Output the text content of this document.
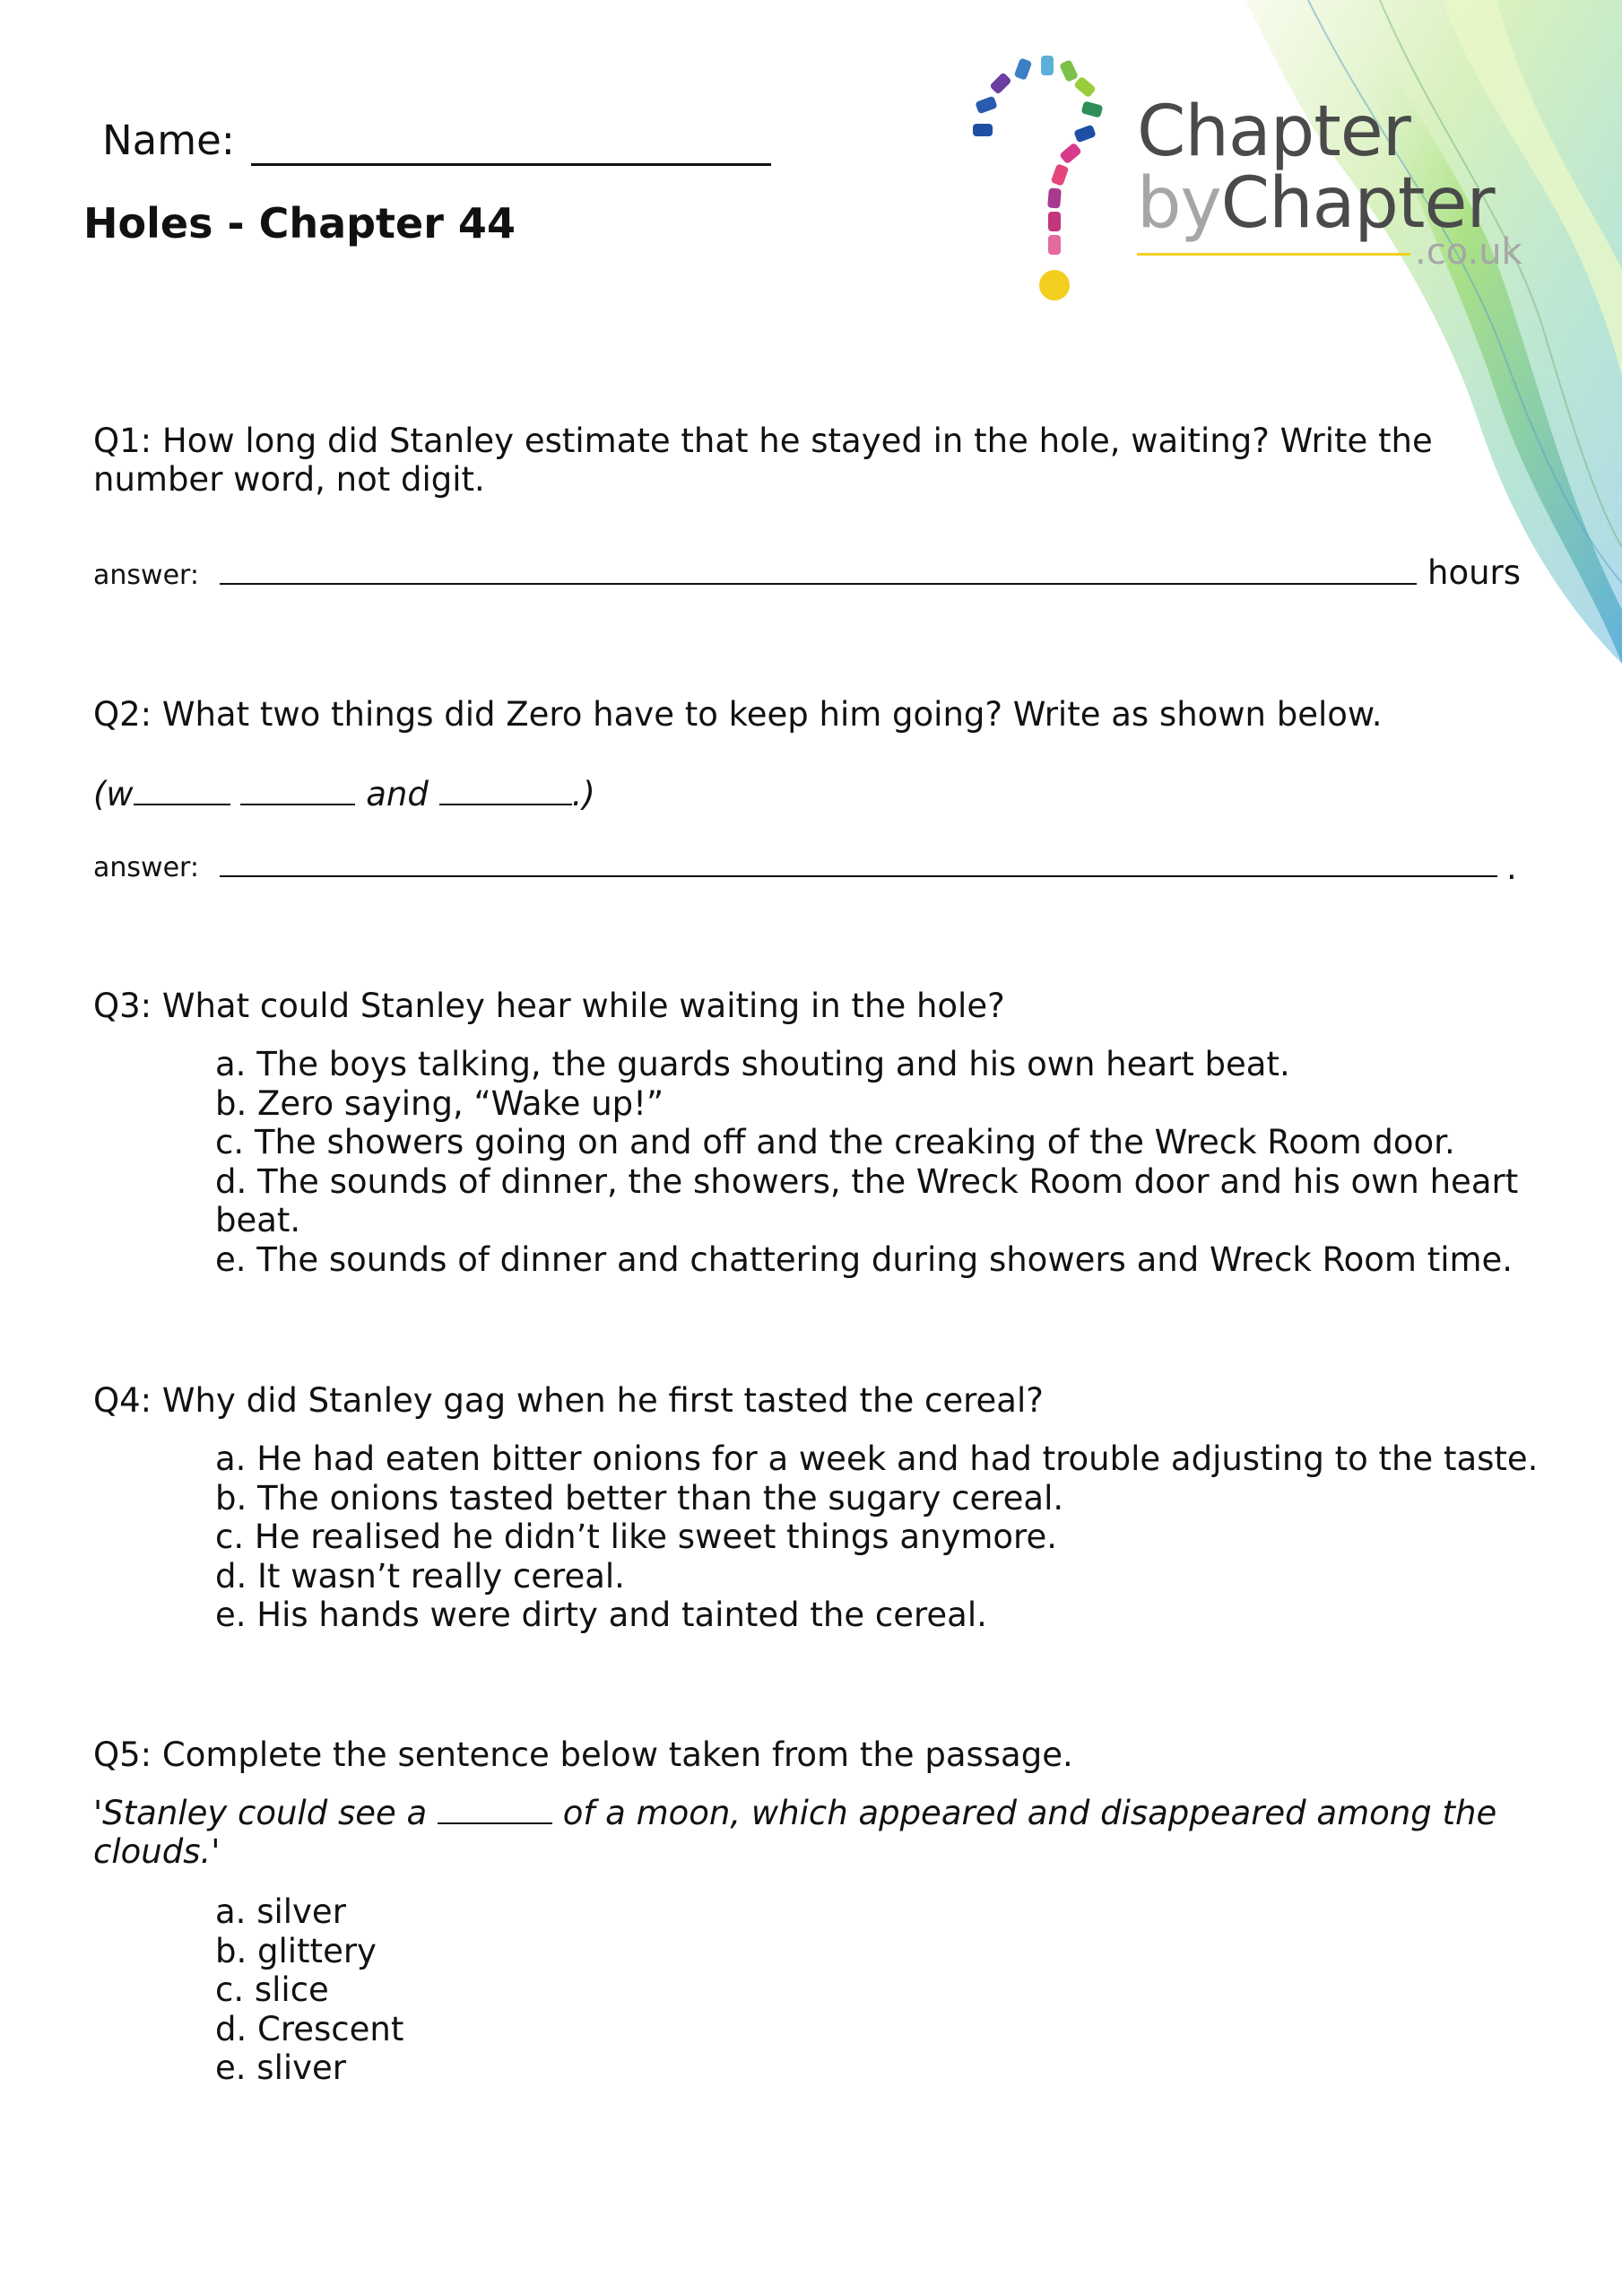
Chapter
byChapter
.co.uk
Name:
Holes - Chapter 44
Q1: How long did Stanley estimate that he stayed in the hole, waiting? Write the number word, not digit.
answer:	hours
Q2: What two things did Zero have to keep him going? Write as shown below.
(w	and	.)
answer:	.
Q3: What could Stanley hear while waiting in the hole?
a. The boys talking, the guards shouting and his own heart beat.
b. Zero saying, “Wake up!”
c. The showers going on and off and the creaking of the Wreck Room door.
d. The sounds of dinner, the showers, the Wreck Room door and his own heart beat.
e. The sounds of dinner and chattering during showers and Wreck Room time.
Q4: Why did Stanley gag when he first tasted the cereal?
a. He had eaten bitter onions for a week and had trouble adjusting to the taste.
b. The onions tasted better than the sugary cereal.
c. He realised he didn’t like sweet things anymore.
d. It wasn’t really cereal.
e. His hands were dirty and tainted the cereal.
Q5: Complete the sentence below taken from the passage.
'Stanley could see a	of a moon, which appeared and disappeared among the clouds.'
a. silver
b. glittery
c. slice
d. Crescent
e. sliver
